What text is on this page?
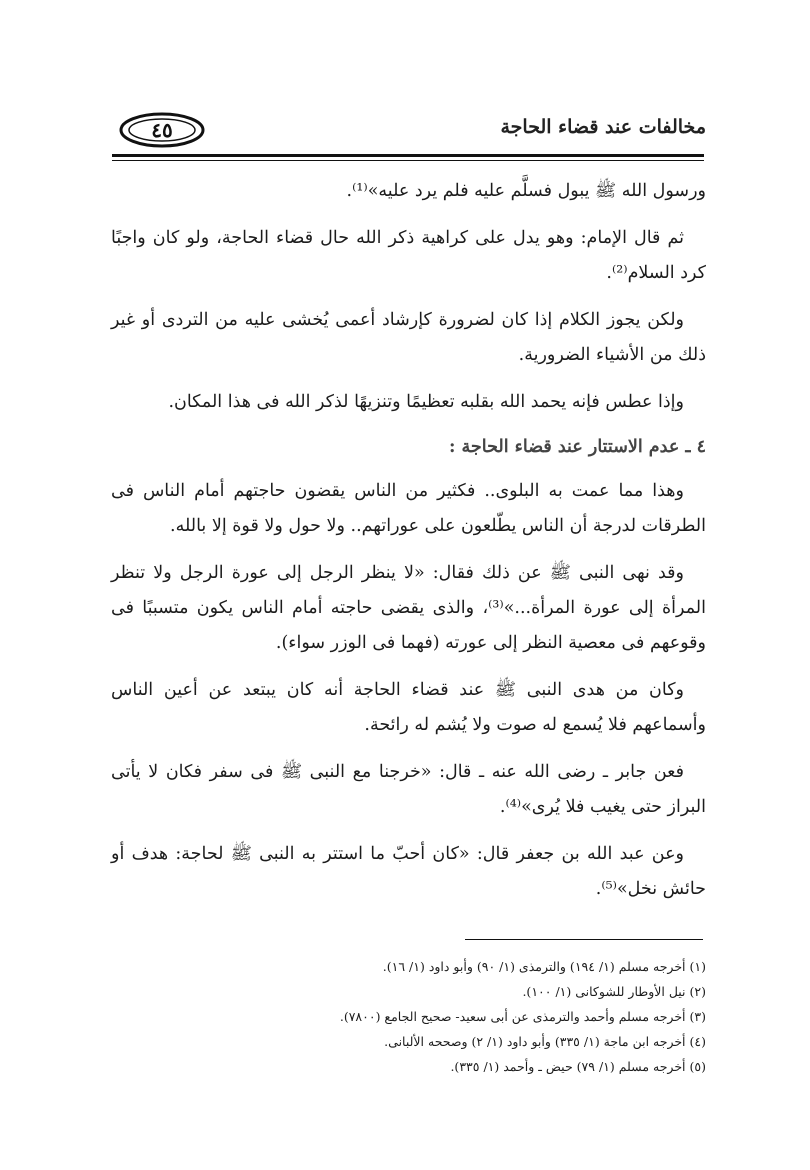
مخالفات عند قضاء الحاجة
٤٥

ورسول الله ﷺ يبول فسلَّم عليه فلم يرد عليه»⁽¹⁾.

ثم قال الإمام: وهو يدل على كراهية ذكر الله حال قضاء الحاجة، ولو كان واجبًا كرد السلام⁽²⁾.

ولكن يجوز الكلام إذا كان لضرورة كإرشاد أعمى يُخشى عليه من التردى أو غير ذلك من الأشياء الضرورية.

وإذا عطس فإنه يحمد الله بقلبه تعظيمًا وتنزيهًا لذكر الله فى هذا المكان.

٤ ـ عدم الاستتار عند قضاء الحاجة :

وهذا مما عمت به البلوى.. فكثير من الناس يقضون حاجتهم أمام الناس فى الطرقات لدرجة أن الناس يطّلعون على عوراتهم.. ولا حول ولا قوة إلا بالله.

وقد نهى النبى ﷺ عن ذلك فقال: «لا ينظر الرجل إلى عورة الرجل ولا تنظر المرأة إلى عورة المرأة...»⁽³⁾، والذى يقضى حاجته أمام الناس يكون متسببًا فى وقوعهم فى معصية النظر إلى عورته (فهما فى الوزر سواء).

وكان من هدى النبى ﷺ عند قضاء الحاجة أنه كان يبتعد عن أعين الناس وأسماعهم فلا يُسمع له صوت ولا يُشم له رائحة.

فعن جابر ـ رضى الله عنه ـ قال: «خرجنا مع النبى ﷺ فى سفر فكان لا يأتى البراز حتى يغيب فلا يُرى»⁽⁴⁾.

وعن عبد الله بن جعفر قال: «كان أحبّ ما استتر به النبى ﷺ لحاجة: هدف أو حائش نخل»⁽⁵⁾.

(١) أخرجه مسلم (١/ ١٩٤) والترمذى (١/ ٩٠) وأبو داود (١/ ١٦).

(٢) نيل الأوطار للشوكانى (١/ ١٠٠).

(٣) أخرجه مسلم وأحمد والترمذى عن أبى سعيد- صحيح الجامع (٧٨٠٠).

(٤) أخرجه ابن ماجة (١/ ٣٣٥) وأبو داود (١/ ٢) وصححه الألبانى.

(٥) أخرجه مسلم (١/ ٧٩) حيض ـ وأحمد (١/ ٣٣٥).
